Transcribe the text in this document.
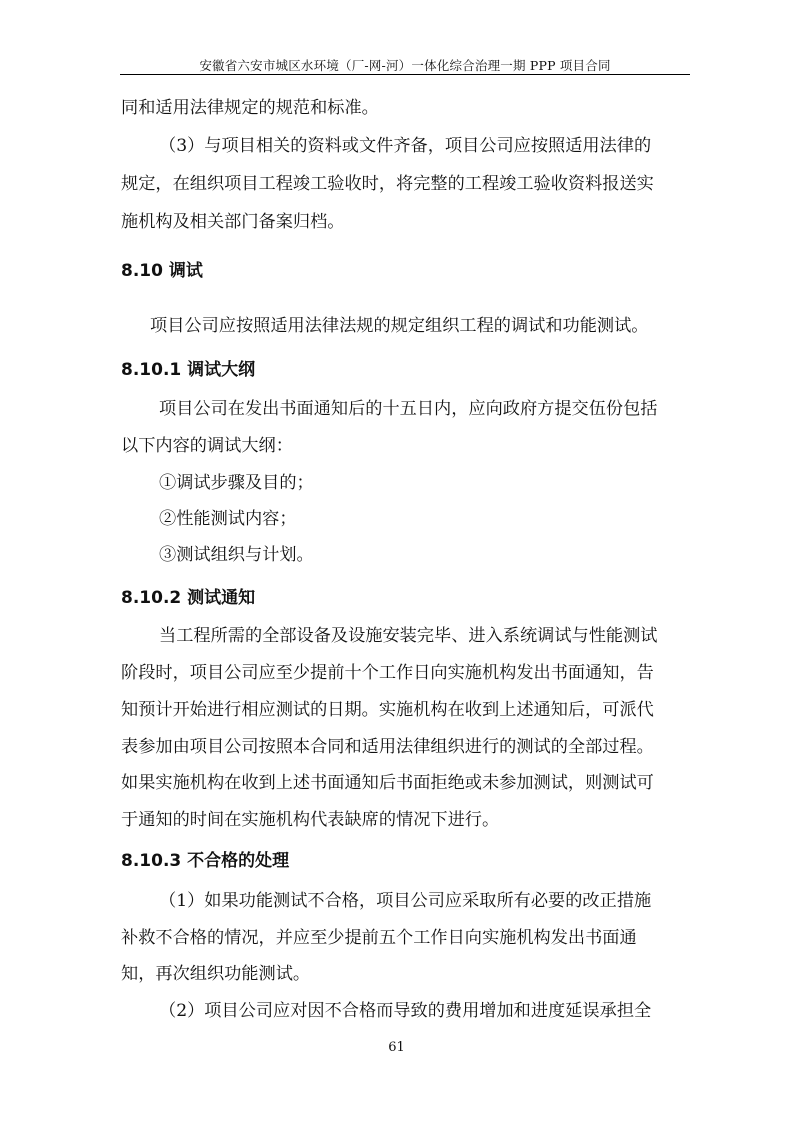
安徽省六安市城区水环境（厂-网-河）一体化综合治理一期 PPP 项目合同
同和适用法律规定的规范和标准。
（3）与项目相关的资料或文件齐备，项目公司应按照适用法律的
规定，在组织项目工程竣工验收时，将完整的工程竣工验收资料报送实
施机构及相关部门备案归档。
8.10 调试
项目公司应按照适用法律法规的规定组织工程的调试和功能测试。
8.10.1 调试大纲
项目公司在发出书面通知后的十五日内，应向政府方提交伍份包括
以下内容的调试大纲：
①调试步骤及目的；
②性能测试内容；
③测试组织与计划。
8.10.2 测试通知
当工程所需的全部设备及设施安装完毕、进入系统调试与性能测试
阶段时，项目公司应至少提前十个工作日向实施机构发出书面通知，告
知预计开始进行相应测试的日期。实施机构在收到上述通知后，可派代
表参加由项目公司按照本合同和适用法律组织进行的测试的全部过程。
如果实施机构在收到上述书面通知后书面拒绝或未参加测试，则测试可
于通知的时间在实施机构代表缺席的情况下进行。
8.10.3 不合格的处理
（1）如果功能测试不合格，项目公司应采取所有必要的改正措施
补救不合格的情况，并应至少提前五个工作日向实施机构发出书面通
知，再次组织功能测试。
（2）项目公司应对因不合格而导致的费用增加和进度延误承担全
61
